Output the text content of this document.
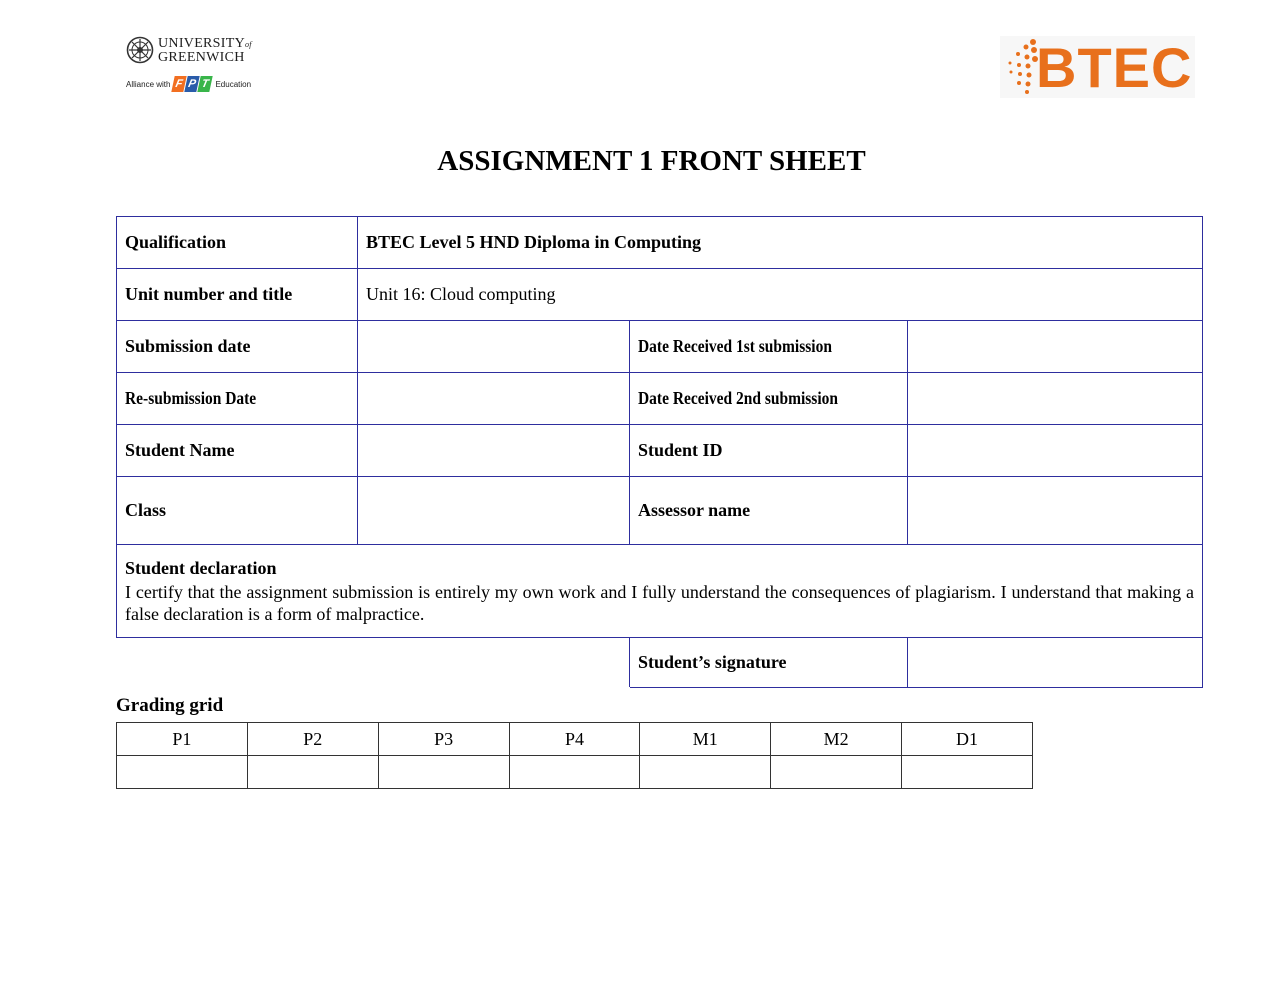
UNIVERSITYof
GREENWICH
Alliance with F P T Education	BTEC
ASSIGNMENT 1 FRONT SHEET
Qualification	BTEC Level 5 HND Diploma in Computing		
Unit number and title	Unit 16: Cloud computing		
Submission date		Date Received 1st submission	
Re-submission Date		Date Received 2nd submission	
Student Name		Student ID	
Class		Assessor name	

Student declaration
I certify that the assignment submission is entirely my own work and I fully understand the consequences of plagiarism. I understand that making a false declaration is a form of malpractice.			

		Student’s signature	
Grading grid
P1	P2	P3	P4	M1	M2	D1
